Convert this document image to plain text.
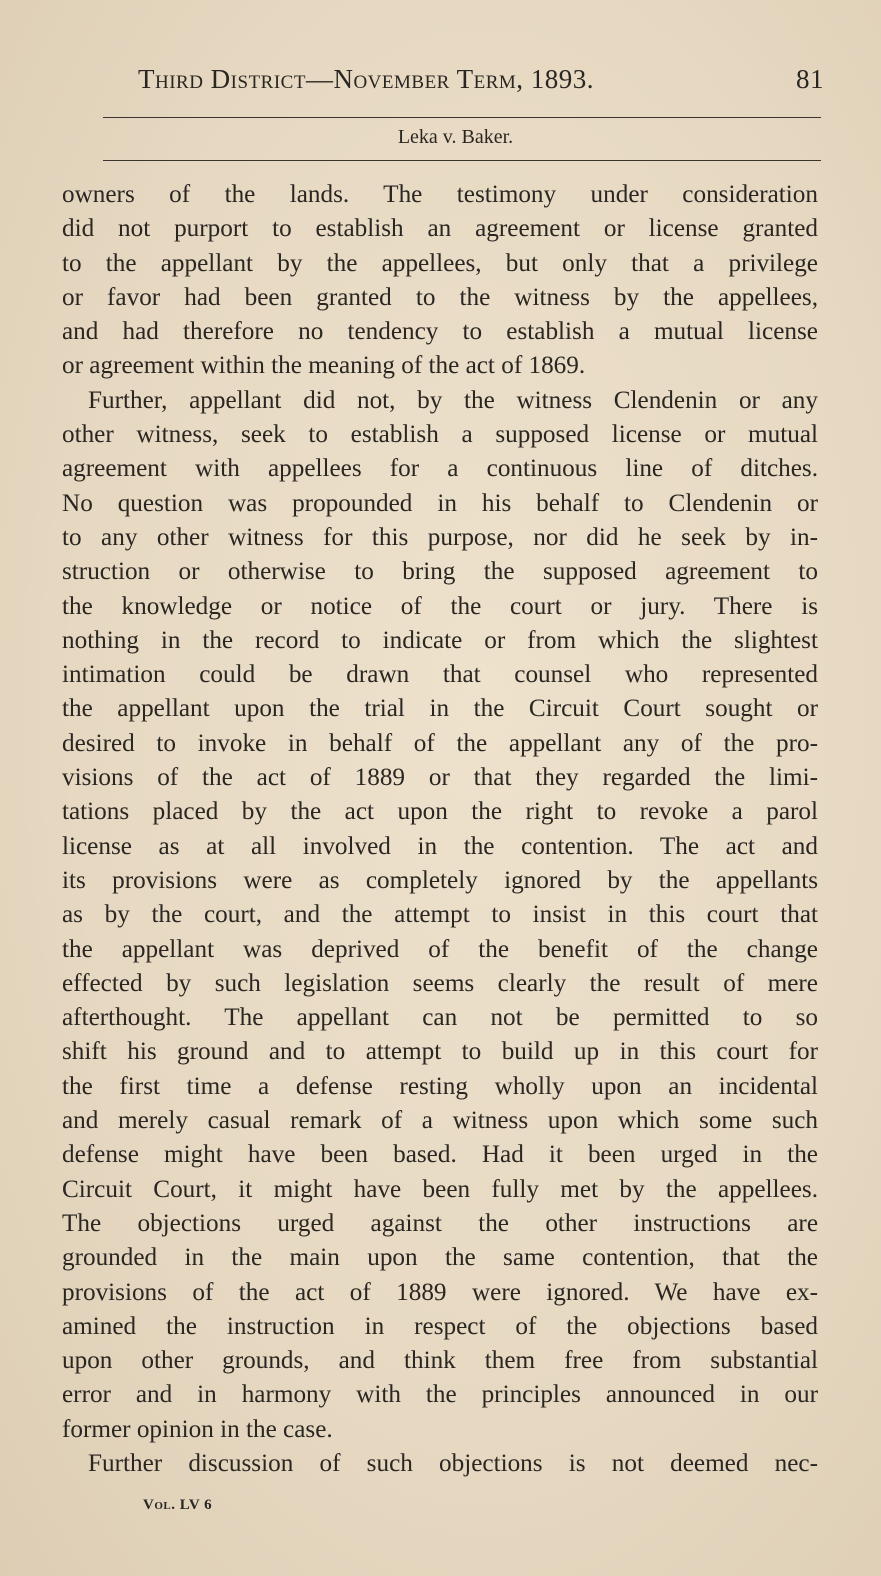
Third District—November Term, 1893.	81
Leka v. Baker.
owners of the lands. The testimony under consideration
did not purport to establish an agreement or license granted
to the appellant by the appellees, but only that a privilege
or favor had been granted to the witness by the appellees,
and had therefore no tendency to establish a mutual license
or agreement within the meaning of the act of 1869.
Further, appellant did not, by the witness Clendenin or any
other witness, seek to establish a supposed license or mutual
agreement with appellees for a continuous line of ditches.
No question was propounded in his behalf to Clendenin or
to any other witness for this purpose, nor did he seek by in-
struction or otherwise to bring the supposed agreement to
the knowledge or notice of the court or jury. There is
nothing in the record to indicate or from which the slightest
intimation could be drawn that counsel who represented
the appellant upon the trial in the Circuit Court sought or
desired to invoke in behalf of the appellant any of the pro-
visions of the act of 1889 or that they regarded the limi-
tations placed by the act upon the right to revoke a parol
license as at all involved in the contention. The act and
its provisions were as completely ignored by the appellants
as by the court, and the attempt to insist in this court that
the appellant was deprived of the benefit of the change
effected by such legislation seems clearly the result of mere
afterthought. The appellant can not be permitted to so
shift his ground and to attempt to build up in this court for
the first time a defense resting wholly upon an incidental
and merely casual remark of a witness upon which some such
defense might have been based. Had it been urged in the
Circuit Court, it might have been fully met by the appellees.
The objections urged against the other instructions are
grounded in the main upon the same contention, that the
provisions of the act of 1889 were ignored. We have ex-
amined the instruction in respect of the objections based
upon other grounds, and think them free from substantial
error and in harmony with the principles announced in our
former opinion in the case.
Further discussion of such objections is not deemed nec-
Vol. LV 6
